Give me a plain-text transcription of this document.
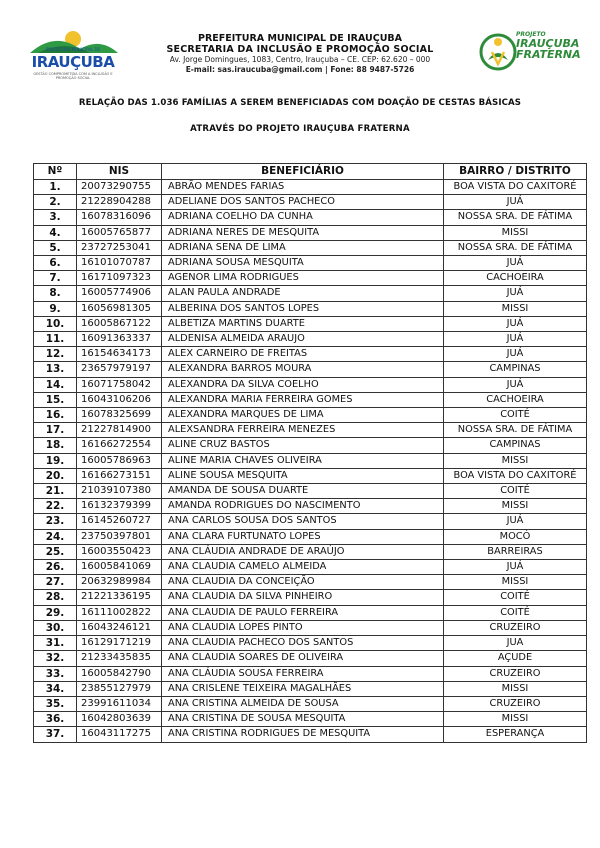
PREFEITURA MUNICIPAL DE
IRAUÇUBA
GESTÃO COMPROMETIDA COM A INCLUSÃO E PROMOÇÃO SOCIAL
PREFEITURA MUNICIPAL DE IRAUÇUBA
SECRETARIA DA INCLUSÃO E PROMOÇÃO SOCIAL
Av. Jorge Domingues, 1083, Centro, Irauçuba – CE. CEP: 62.620 – 000
E-mail: sas.iraucuba@gmail.com | Fone: 88 9487-5726
PROJETO
IRAUÇUBA
FRATERNA
RELAÇÃO DAS 1.036 FAMÍLIAS A SEREM BENEFICIADAS COM DOAÇÃO DE CESTAS BÁSICAS
ATRAVÉS DO PROJETO IRAUÇUBA FRATERNA
Nº	NIS	BENEFICIÁRIO	BAIRRO / DISTRITO
1.	20073290755	ABRÃO MENDES FARIAS	BOA VISTA DO CAXITORÉ
2.	21228904288	ADELIANE DOS SANTOS PACHECO	JUÁ
3.	16078316096	ADRIANA COELHO DA CUNHA	NOSSA SRA. DE FÁTIMA
4.	16005765877	ADRIANA NERES DE MESQUITA	MISSI
5.	23727253041	ADRIANA SENA DE LIMA	NOSSA SRA. DE FÁTIMA
6.	16101070787	ADRIANA SOUSA MESQUITA	JUÁ
7.	16171097323	AGENOR LIMA RODRIGUES	CACHOEIRA
8.	16005774906	ALAN PAULA ANDRADE	JUÁ
9.	16056981305	ALBERINA DOS SANTOS LOPES	MISSI
10.	16005867122	ALBETIZA MARTINS DUARTE	JUÁ
11.	16091363337	ALDENISA ALMEIDA ARAUJO	JUÁ
12.	16154634173	ALEX CARNEIRO DE FREITAS	JUÁ
13.	23657979197	ALEXANDRA BARROS MOURA	CAMPINAS
14.	16071758042	ALEXANDRA DA SILVA COELHO	JUÁ
15.	16043106206	ALEXANDRA MARIA FERREIRA GOMES	CACHOEIRA
16.	16078325699	ALEXANDRA MARQUES DE LIMA	COITÉ
17.	21227814900	ALEXSANDRA FERREIRA MENEZES	NOSSA SRA. DE FÁTIMA
18.	16166272554	ALINE CRUZ BASTOS	CAMPINAS
19.	16005786963	ALINE MARIA CHAVES OLIVEIRA	MISSI
20.	16166273151	ALINE SOUSA MESQUITA	BOA VISTA DO CAXITORÉ
21.	21039107380	AMANDA DE SOUSA DUARTE	COITÉ
22.	16132379399	AMANDA RODRIGUES DO NASCIMENTO	MISSI
23.	16145260727	ANA CARLOS SOUSA DOS SANTOS	JUÁ
24.	23750397801	ANA CLARA FURTUNATO LOPES	MOCÓ
25.	16003550423	ANA CLÁUDIA ANDRADE DE ARAÚJO	BARREIRAS
26.	16005841069	ANA CLAUDIA CAMELO ALMEIDA	JUÁ
27.	20632989984	ANA CLAUDIA DA CONCEIÇÃO	MISSI
28.	21221336195	ANA CLAUDIA DA SILVA PINHEIRO	COITÉ
29.	16111002822	ANA CLAUDIA DE PAULO FERREIRA	COITÉ
30.	16043246121	ANA CLAUDIA LOPES PINTO	CRUZEIRO
31.	16129171219	ANA CLAUDIA PACHECO DOS SANTOS	JUA
32.	21233435835	ANA CLAUDIA SOARES DE OLIVEIRA	AÇUDE
33.	16005842790	ANA CLÁUDIA SOUSA FERREIRA	CRUZEIRO
34.	23855127979	ANA CRISLENE TEIXEIRA MAGALHÃES	MISSI
35.	23991611034	ANA CRISTINA ALMEIDA DE SOUSA	CRUZEIRO
36.	16042803639	ANA CRISTINA DE SOUSA MESQUITA	MISSI
37.	16043117275	ANA CRISTINA RODRIGUES DE MESQUITA	ESPERANÇA
